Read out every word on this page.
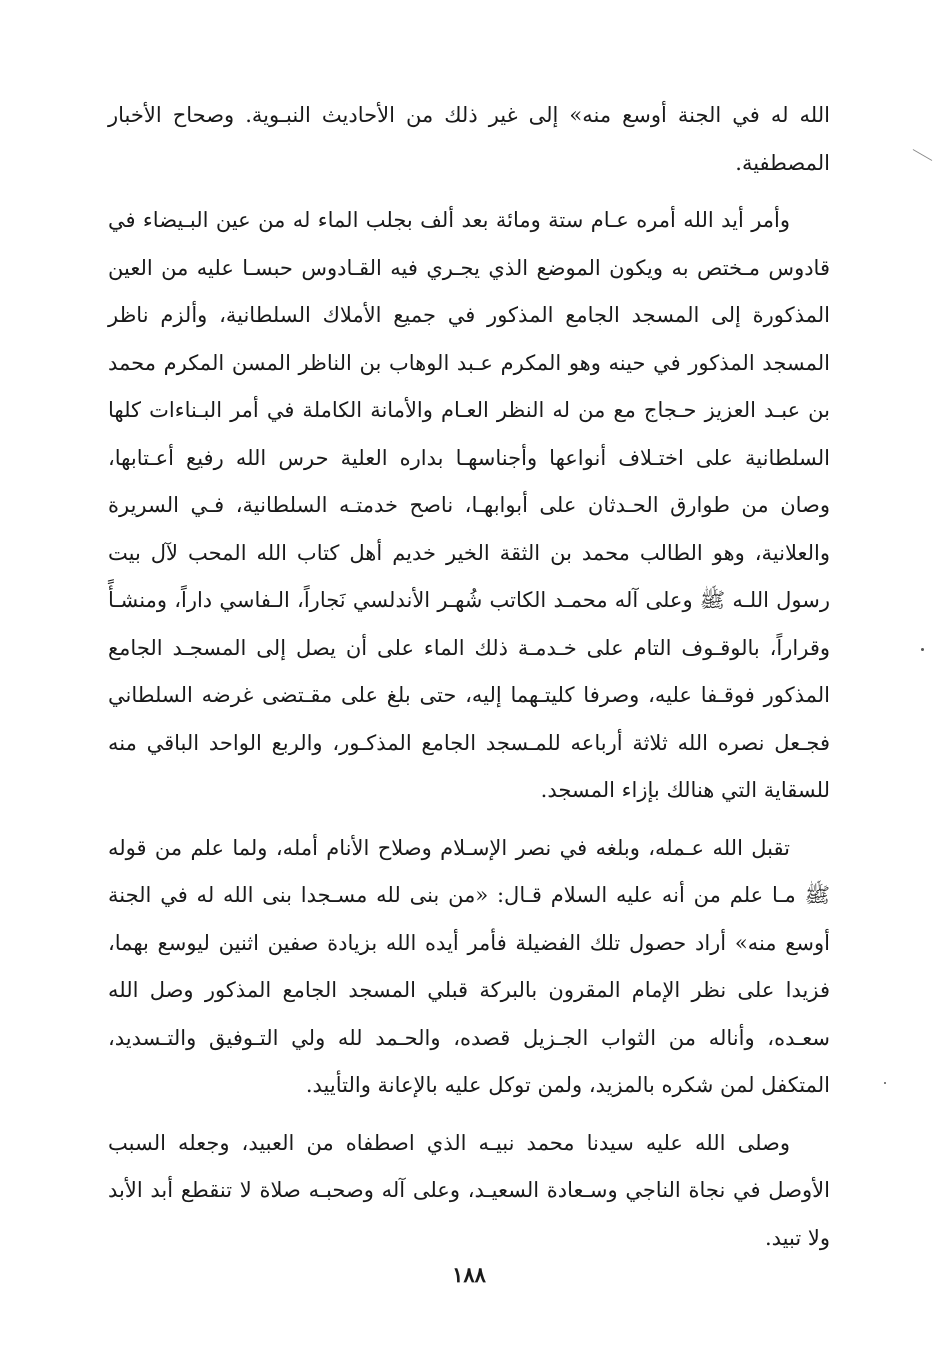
الله له في الجنة أوسع منه» إلى غير ذلك من الأحاديث النبـوية. وصحاح الأخبار المصطفية.

وأمر أيد الله أمره عـام ستة ومائة بعد ألف بجلب الماء له من عين البـيضاء في قادوس مـختص به ويكون الموضع الذي يجـري فيه القـادوس حبسـا عليه من العين المذكورة إلى المسجد الجامع المذكور في جميع الأملاك السلطانية، وألزم ناظر المسجد المذكور في حينه وهو المكرم عـبد الوهاب بن الناظر المسن المكرم محمد بن عبـد العزيز حـجاج مع من له النظر العـام والأمانة الكاملة في أمر البـناءات كلها السلطانية على اختـلاف أنواعها وأجناسهـا بداره العلية حرس الله رفيع أعـتابها، وصان من طوارق الحـدثان على أبوابهـا، ناصح خدمتـه السلطانية، فـي السريرة والعلانية، وهو الطالب محمد بن الثقة الخير خديم أهل كتاب الله المحب لآل بيت رسول اللـه ﷺ وعلى آله محمـد الكاتب شُهـر الأندلسي نَجاراً، الـفاسي داراً، ومنشـأً وقراراً، بالوقـوف التام على خـدمـة ذلك الماء على أن يصل إلى المسجـد الجامع المذكور فوقـفا عليه، وصرفا كليتـهما إليه، حتى بلغ على مقـتضى غرضه السلطاني فجـعل نصره الله ثلاثة أرباعه للمـسجد الجامع المذكـور، والربع الواحد الباقي منه للسقاية التي هنالك بإزاء المسجد.

تقبل الله عـمله، وبلغه في نصر الإسـلام وصلاح الأنام أمله، ولما علم من قوله ﷺ مـا علم من أنه عليه السلام قـال: «من بنى لله مسـجدا بنى الله له في الجنة أوسع منه» أراد حصول تلك الفضيلة فأمر أيده الله بزيادة صفين اثنين ليوسع بهما، فزيدا على نظر الإمام المقرون بالبركة قبلي المسجد الجامع المذكور وصل الله سعـده، وأناله من الثواب الجـزيل قصده، والحـمد لله ولي التـوفيق والتـسديد، المتكفل لمن شكره بالمزيد، ولمن توكل عليه بالإعانة والتأييد.

وصلى الله عليه سيدنا محمد نبيـه الذي اصطفاه من العبيد، وجعله السبب الأوصل في نجاة الناجي وسـعادة السعيـد، وعلى آله وصحبـه صلاة لا تنقطع أبد الأبد ولا تبيد.

١٨٨
